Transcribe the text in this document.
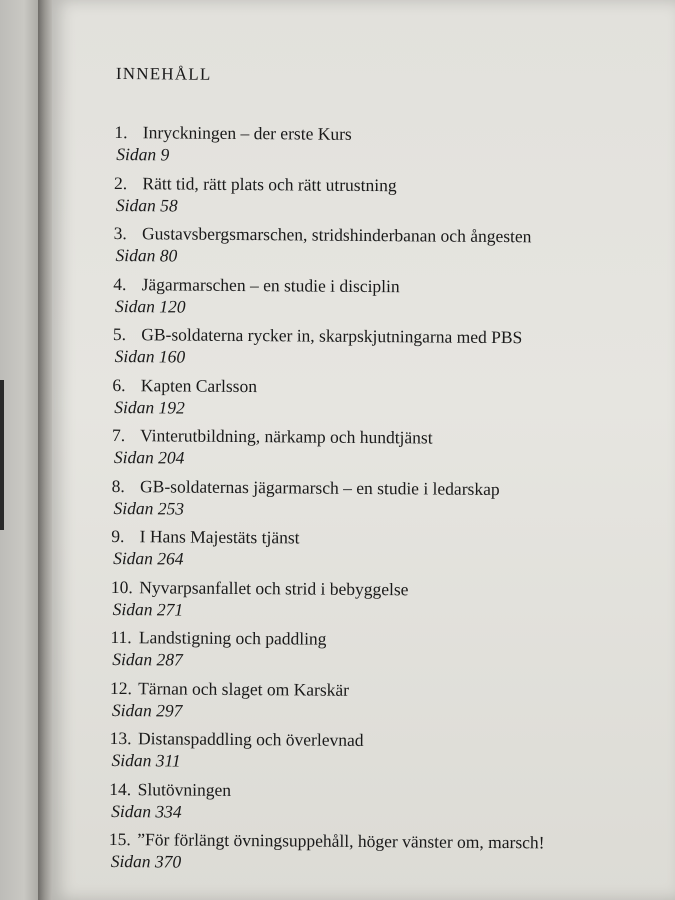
INNEHÅLL
1. Inryckningen – der erste Kurs
Sidan 9
2. Rätt tid, rätt plats och rätt utrustning
Sidan 58
3. Gustavsbergsmarschen, stridshinderbanan och ångesten
Sidan 80
4. Jägarmarschen – en studie i disciplin
Sidan 120
5. GB-soldaterna rycker in, skarpskjutningarna med PBS
Sidan 160
6. Kapten Carlsson
Sidan 192
7. Vinterutbildning, närkamp och hundtjänst
Sidan 204
8. GB-soldaternas jägarmarsch – en studie i ledarskap
Sidan 253
9. I Hans Majestäts tjänst
Sidan 264
10. Nyvarpsanfallet och strid i bebyggelse
Sidan 271
11. Landstigning och paddling
Sidan 287
12. Tärnan och slaget om Karskär
Sidan 297
13. Distanspaddling och överlevnad
Sidan 311
14. Slutövningen
Sidan 334
15. ”För förlängt övningsuppehåll, höger vänster om, marsch!
Sidan 370
